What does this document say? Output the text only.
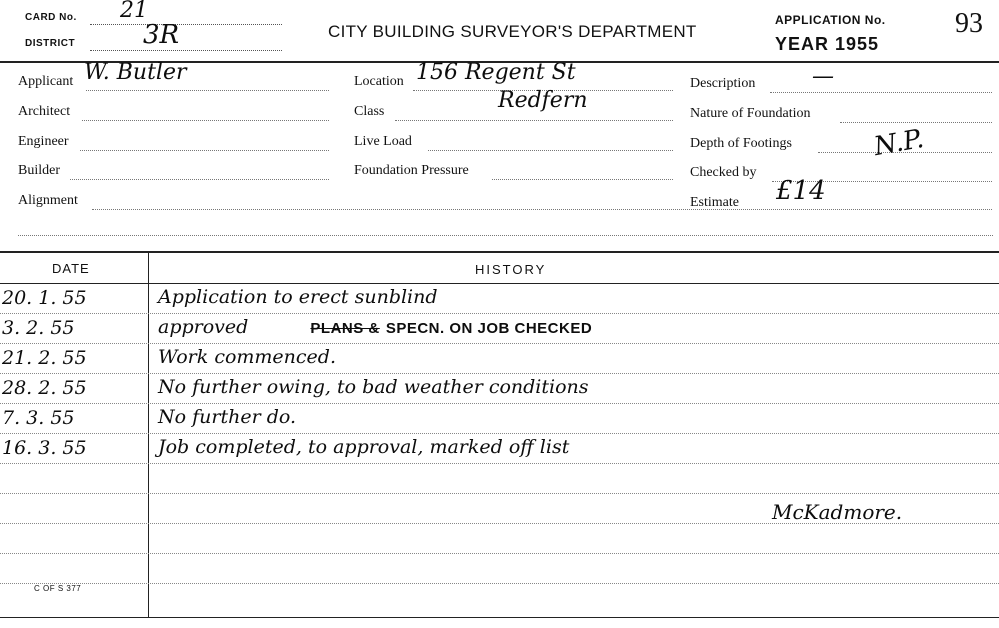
CARD No. 21
DISTRICT	3R	CITY BUILDING SURVEYOR'S DEPARTMENT
APPLICATION No. 93
YEAR 1955
Applicant W. Butler
Architect
Engineer
Builder
Alignment
Location 156 Regent St
Class	Redfern
Live Load
Foundation Pressure
Description	—
Nature of Foundation
Depth of Footings	N.P.
Checked by
Estimate £14
DATE	HISTORY
20. 1. 55	Application to erect sunblind
3. 2. 55	approved	PLANS & SPECN. ON JOB CHECKED
21. 2. 55	Work commenced.
28. 2. 55	No further owing, to bad weather conditions
7. 3. 55	No further do.
16. 3. 55	Job completed, to approval, marked off list
McKadmore.
C OF S 377
